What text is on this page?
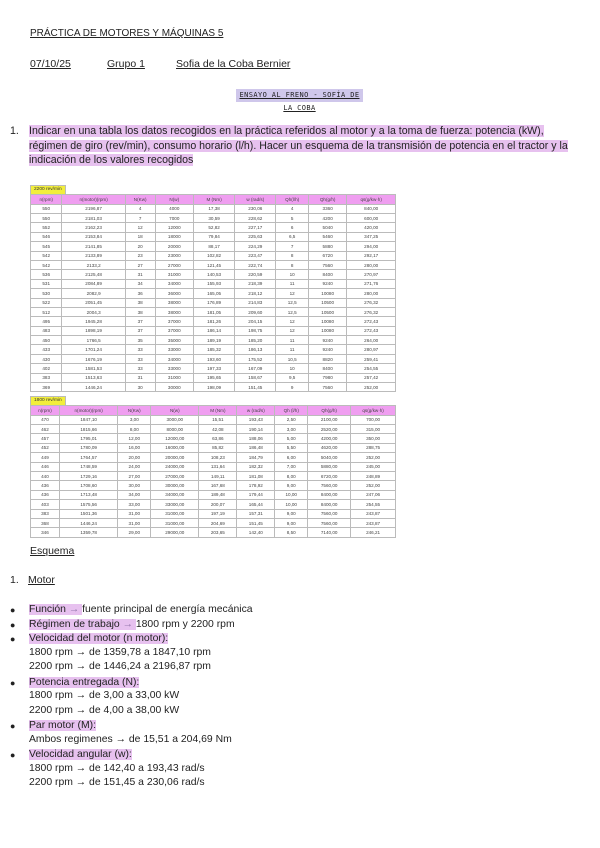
PRÁCTICA DE MOTORES Y MÁQUINAS 5
07/10/25	Grupo 1	Sofia de la Coba Bernier
ENSAYO AL FRENO - SOFÍA DE LA COBA
1. Indicar en una tabla los datos recogidos en la práctica referidos al motor y a la toma de fuerza: potencia (kW), régimen de giro (rev/min), consumo horario (l/h). Hacer un esquema de la transmisión de potencia en el tractor y la indicación de los valores recogidos
2200 rev/min
n(rpm)	n(motor)(rpm)	N(Kw)	N(w)	M (Nm)	w (rad/s)	Qh(l/h)	Qh(g/h)	qs(g/kw·h)
550	2196,87	4	4000	17,38	230,06	4	3360	840,00
550	2181,03	7	7000	30,59	228,62	5	4200	600,00
552	2162,23	12	12000	52,82	227,17	6	5040	420,00
546	2153,84	18	18000	79,84	225,63	6,5	5460	347,25
545	2141,85	20	20000	88,17	224,29	7	5880	294,00
542	2133,89	23	23000	102,82	223,47	8	6720	292,17
542	2133,2	27	27000	121,45	222,74	8	7560	280,00
536	2125,48	31	31000	140,53	220,59	10	8400	270,97
531	2084,89	34	34000	155,93	218,39	11	9240	271,76
530	2082,9	36	36000	165,05	218,12	12	10080	280,00
522	2051,45	38	38000	176,89	214,83	12,5	10500	276,32
512	2004,3	38	38000	181,05	209,60	12,5	10500	276,32
495	1945,28	37	37000	181,26	204,15	12	10080	272,43
483	1898,19	37	37000	186,14	198,75	12	10080	272,43
450	1766,5	35	35000	189,19	185,20	11	9240	264,00
433	1701,24	33	33000	185,32	186,13	11	9240	280,97
430	1676,19	33	34000	193,60	175,52	10,5	8820	259,41
402	1581,53	33	33000	197,33	167,09	10	8400	254,55
383	1513,63	31	31000	195,65	158,67	9,5	7980	257,42
369	1446,24	30	30000	198,09	151,45	9	7560	252,00
1800 rev/min
n(rpm)	n(motor)(rpm)	N(Kw)	N(w)	M (Nm)	w (rad/s)	Qh (l/h)	Qh(g/h)	qs(g/kw·h)
470	1847,10	3,00	3000,00	15,51	193,43	2,50	2100,00	700,00
462	1815,66	8,00	8000,00	42,08	190,14	3,00	2520,00	315,00
457	1795,01	12,00	12000,00	63,86	188,06	5,00	4200,00	350,00
452	1780,09	16,00	16000,00	85,82	186,48	5,50	4620,00	288,75
449	1764,57	20,00	20000,00	108,23	184,79	6,00	5040,00	252,00
446	1748,59	24,00	24000,00	131,64	182,32	7,00	5880,00	245,00
440	1729,16	27,00	27000,00	149,11	181,08	8,00	6720,00	248,89
436	1708,60	30,00	30000,00	167,68	178,92	9,00	7560,00	252,00
436	1713,48	34,00	34000,00	189,48	179,44	10,00	8400,00	247,06
403	1575,56	33,00	33000,00	200,07	165,44	10,00	8400,00	254,55
383	1501,36	31,00	31000,00	197,19	157,31	9,00	7560,00	243,87
368	1446,24	31,00	31000,00	204,69	151,45	9,00	7560,00	243,87
346	1359,78	29,00	29000,00	203,65	142,40	8,50	7140,00	246,21
Esquema
1. Motor
● Función → fuente principal de energía mecánica
● Régimen de trabajo → 1800 rpm y 2200 rpm
● Velocidad del motor (n motor):
1800 rpm → de 1359,78 a 1847,10 rpm
2200 rpm → de 1446,24 a 2196,87 rpm
● Potencia entregada (N):
1800 rpm → de 3,00 a 33,00 kW
2200 rpm → de 4,00 a 38,00 kW
● Par motor (M):
Ambos regimenes → de 15,51 a 204,69 Nm
● Velocidad angular (w):
1800 rpm → de 142,40 a 193,43 rad/s
2200 rpm → de 151,45 a 230,06 rad/s
